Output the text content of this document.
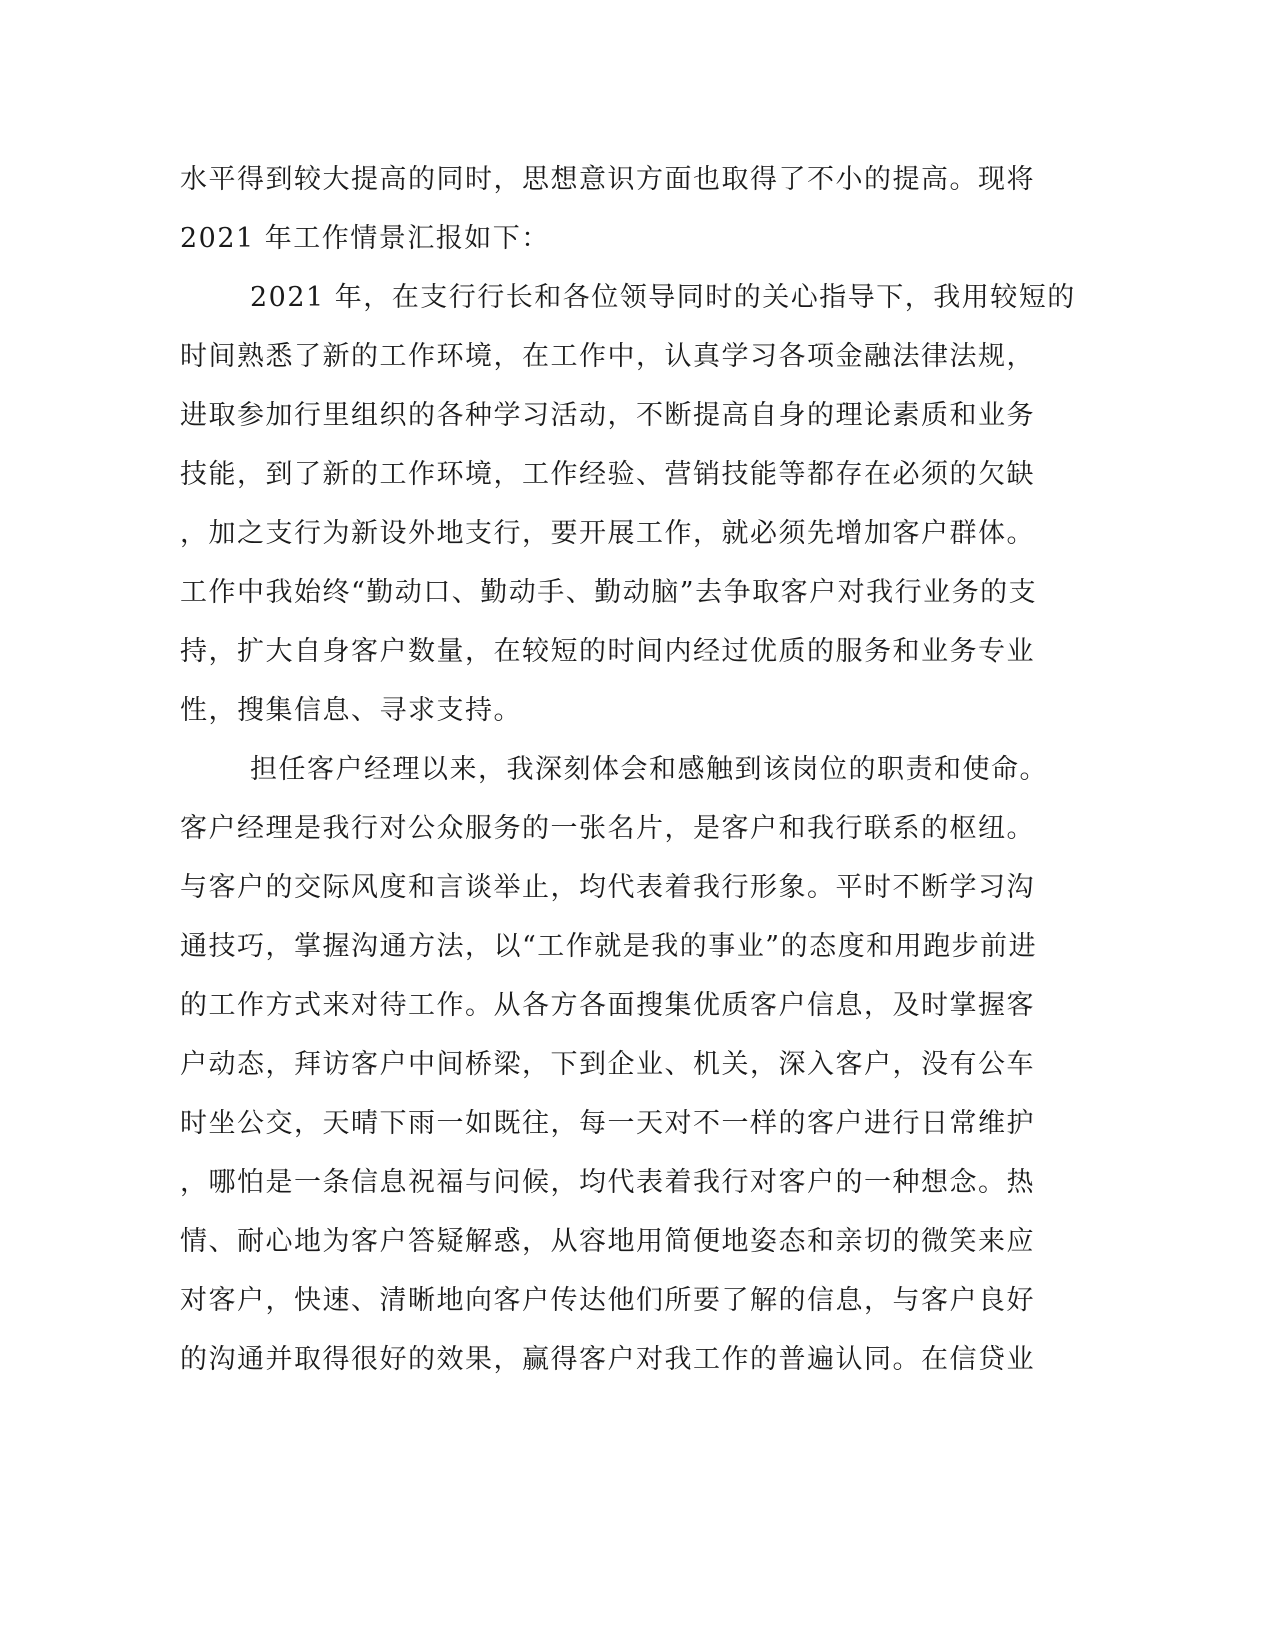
水平得到较大提高的同时，思想意识方面也取得了不小的提高。现将
2021 年工作情景汇报如下：
2021 年，在支行行长和各位领导同时的关心指导下，我用较短的
时间熟悉了新的工作环境，在工作中，认真学习各项金融法律法规，
进取参加行里组织的各种学习活动，不断提高自身的理论素质和业务
技能，到了新的工作环境，工作经验、营销技能等都存在必须的欠缺
，加之支行为新设外地支行，要开展工作，就必须先增加客户群体。
工作中我始终“勤动口、勤动手、勤动脑”去争取客户对我行业务的支
持，扩大自身客户数量，在较短的时间内经过优质的服务和业务专业
性，搜集信息、寻求支持。
担任客户经理以来，我深刻体会和感触到该岗位的职责和使命。
客户经理是我行对公众服务的一张名片，是客户和我行联系的枢纽。
与客户的交际风度和言谈举止，均代表着我行形象。平时不断学习沟
通技巧，掌握沟通方法，以“工作就是我的事业”的态度和用跑步前进
的工作方式来对待工作。从各方各面搜集优质客户信息，及时掌握客
户动态，拜访客户中间桥梁，下到企业、机关，深入客户，没有公车
时坐公交，天晴下雨一如既往，每一天对不一样的客户进行日常维护
，哪怕是一条信息祝福与问候，均代表着我行对客户的一种想念。热
情、耐心地为客户答疑解惑，从容地用简便地姿态和亲切的微笑来应
对客户，快速、清晰地向客户传达他们所要了解的信息，与客户良好
的沟通并取得很好的效果，赢得客户对我工作的普遍认同。在信贷业
